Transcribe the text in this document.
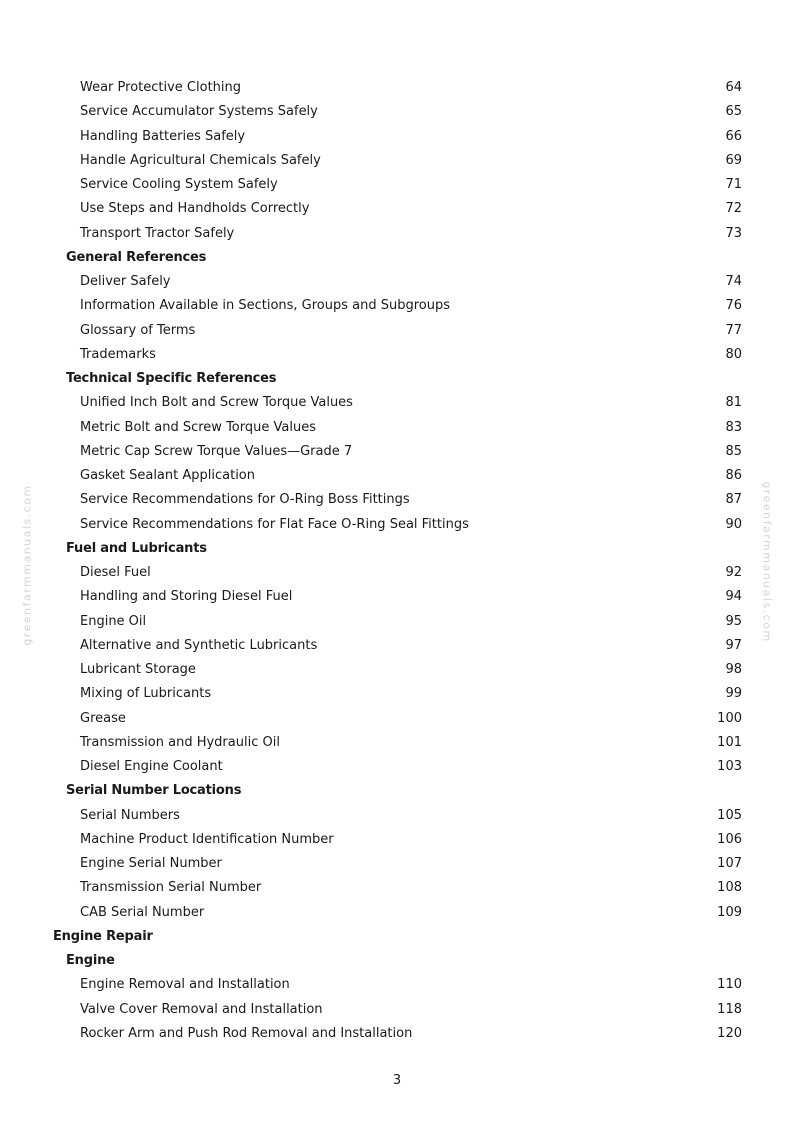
Wear Protective Clothing	64
Service Accumulator Systems Safely	65
Handling Batteries Safely	66
Handle Agricultural Chemicals Safely	69
Service Cooling System Safely	71
Use Steps and Handholds Correctly	72
Transport Tractor Safely	73
General References
Deliver Safely	74
Information Available in Sections, Groups and Subgroups	76
Glossary of Terms	77
Trademarks	80
Technical Specific References
Unified Inch Bolt and Screw Torque Values	81
Metric Bolt and Screw Torque Values	83
Metric Cap Screw Torque Values—Grade 7	85
Gasket Sealant Application	86
Service Recommendations for O-Ring Boss Fittings	87
Service Recommendations for Flat Face O-Ring Seal Fittings	90
Fuel and Lubricants
Diesel Fuel	92
Handling and Storing Diesel Fuel	94
Engine Oil	95
Alternative and Synthetic Lubricants	97
Lubricant Storage	98
Mixing of Lubricants	99
Grease	100
Transmission and Hydraulic Oil	101
Diesel Engine Coolant	103
Serial Number Locations
Serial Numbers	105
Machine Product Identification Number	106
Engine Serial Number	107
Transmission Serial Number	108
CAB Serial Number	109
Engine Repair
Engine
Engine Removal and Installation	110
Valve Cover Removal and Installation	118
Rocker Arm and Push Rod Removal and Installation	120
greenfarmmanuals.com	greenfarmmanuals.com
3
